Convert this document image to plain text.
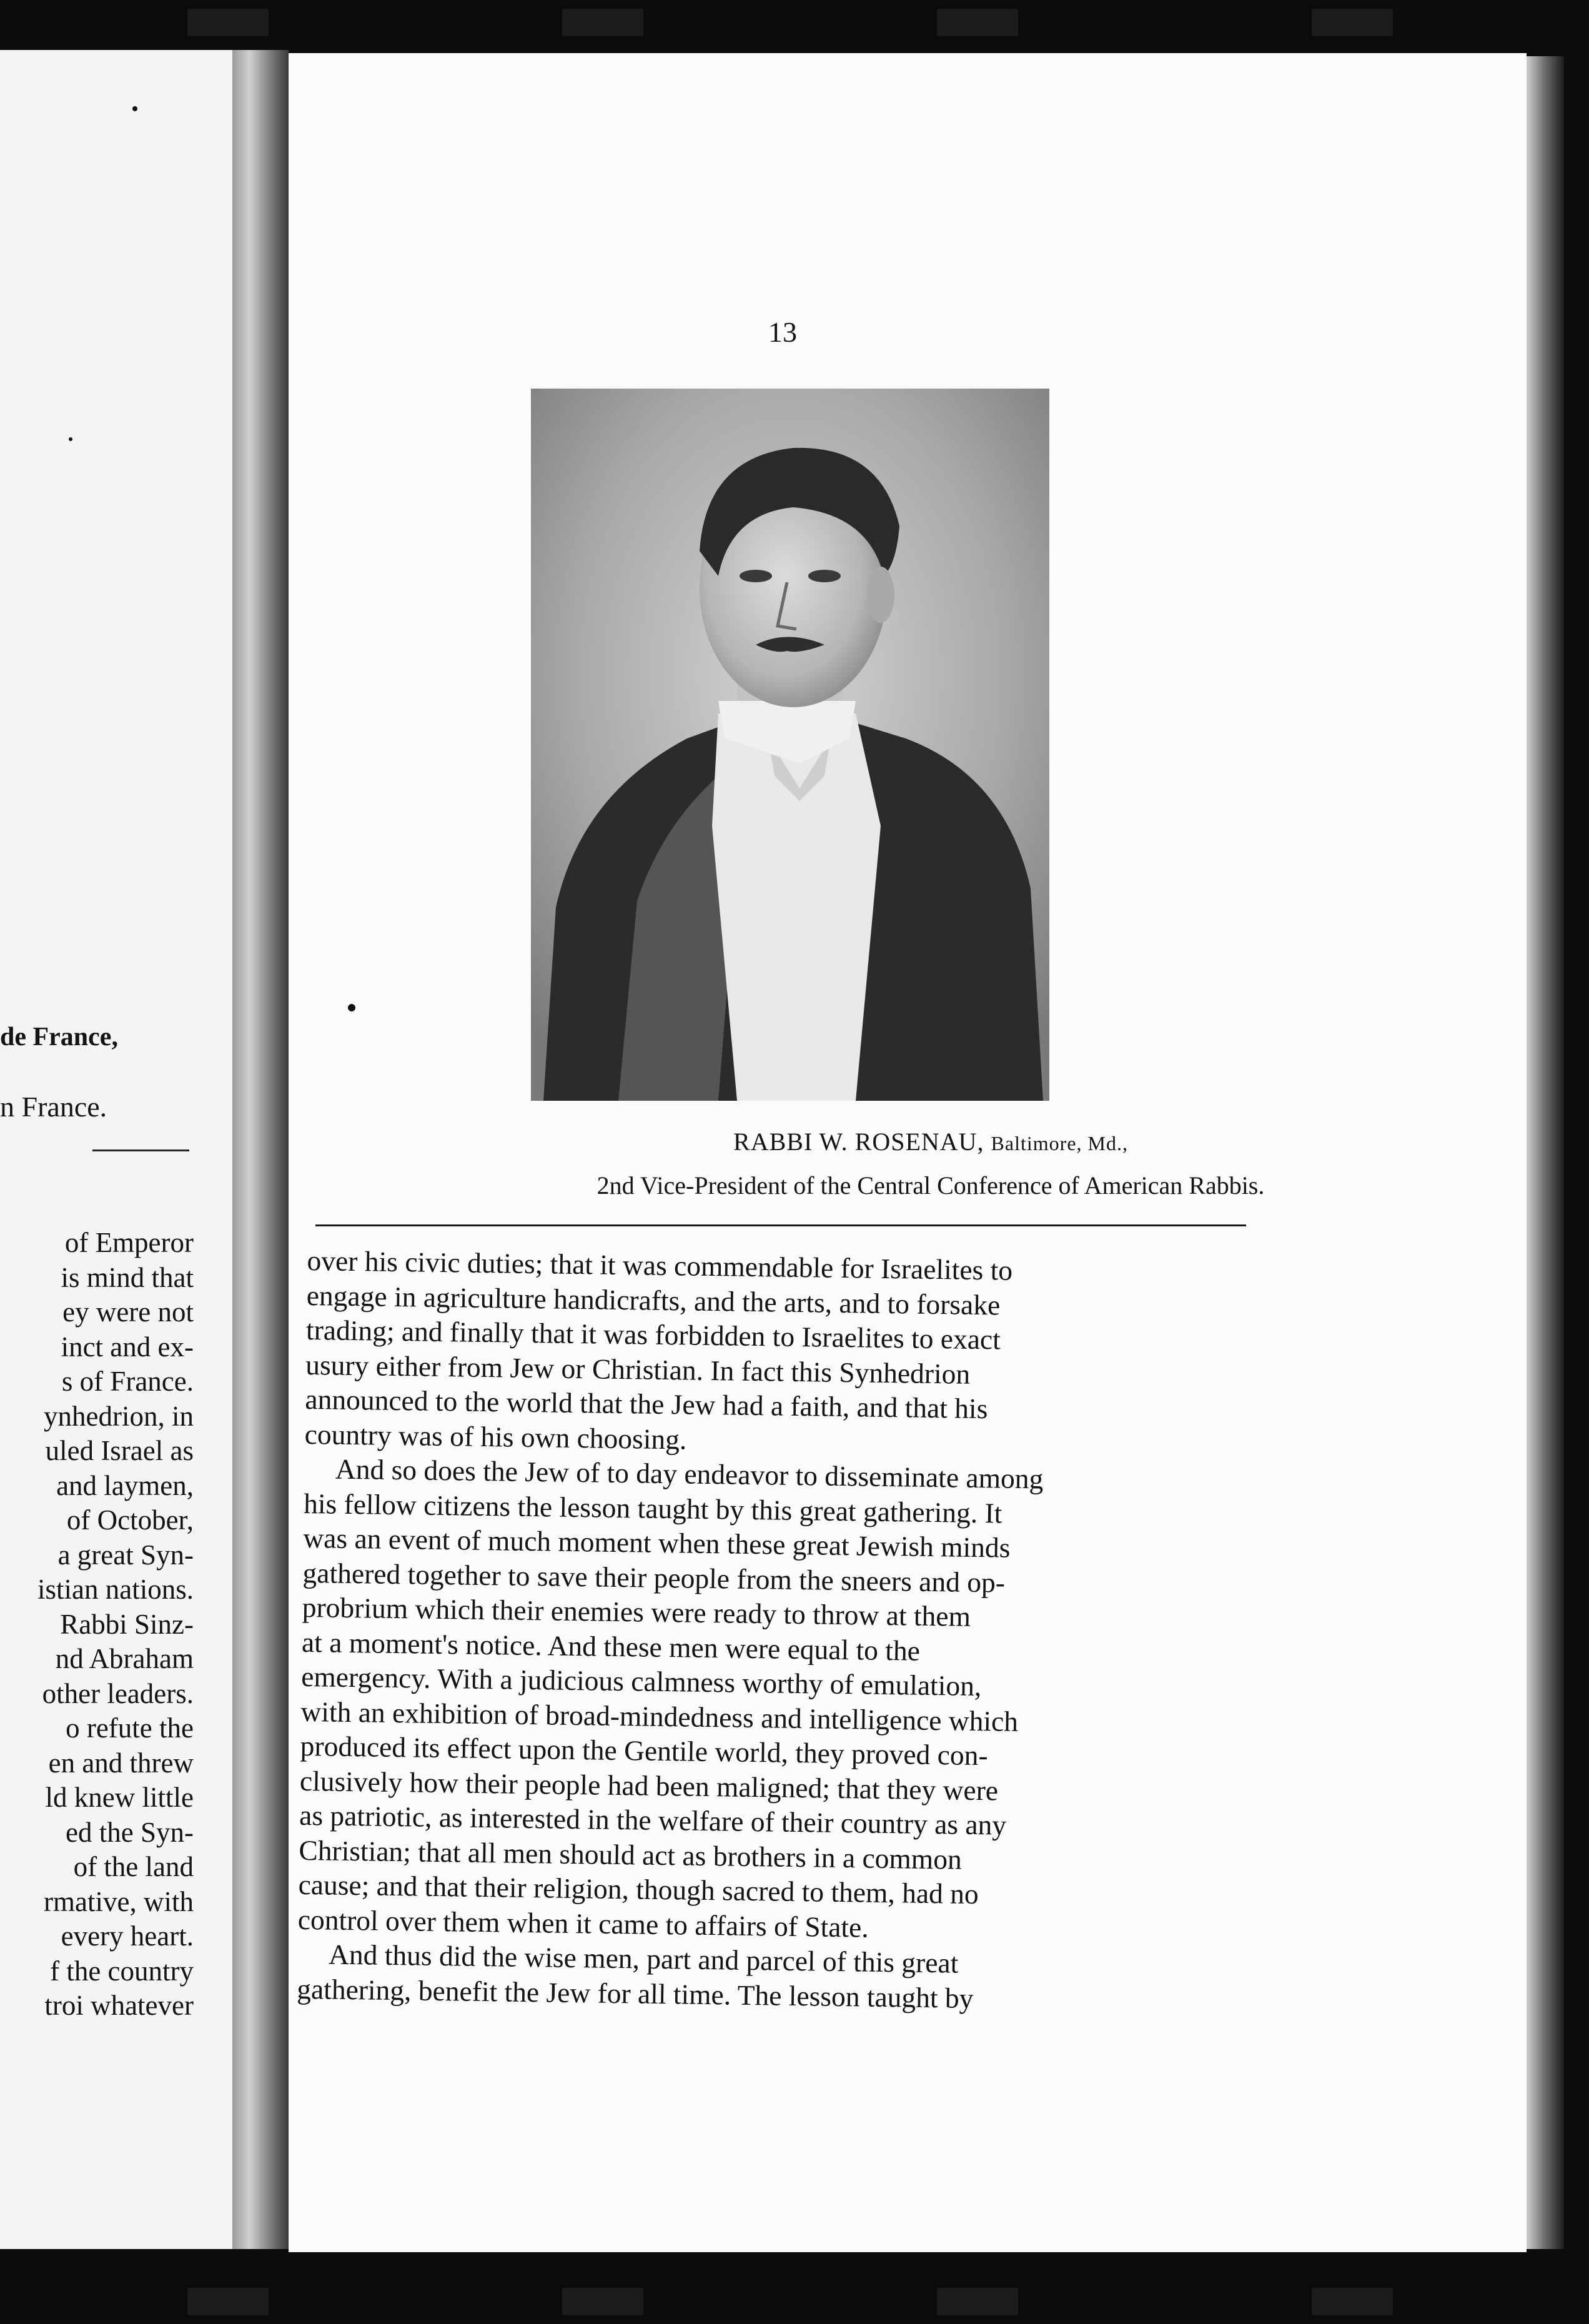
de France,
n France.
of Emperor
is mind that
ey were not
inct and ex-
s of France.
ynhedrion, in
uled Israel as
and laymen,
of October,
a great Syn-
istian nations.
Rabbi Sinz-
nd Abraham
other leaders.
o refute the
en and threw
ld knew little
ed the Syn-
of the land
rmative, with
every heart.
f the country
troi whatever
13
RABBI W. ROSENAU, Baltimore, Md.,
2nd Vice-President of the Central Conference of American Rabbis.
over his civic duties; that it was commendable for Israelites to
engage in agriculture handicrafts, and the arts, and to forsake
trading; and finally that it was forbidden to Israelites to exact
usury either from Jew or Christian. In fact this Synhedrion
announced to the world that the Jew had a faith, and that his
country was of his own choosing.
And so does the Jew of to day endeavor to disseminate among
his fellow citizens the lesson taught by this great gathering. It
was an event of much moment when these great Jewish minds
gathered together to save their people from the sneers and op-
probrium which their enemies were ready to throw at them
at a moment's notice. And these men were equal to the
emergency. With a judicious calmness worthy of emulation,
with an exhibition of broad-mindedness and intelligence which
produced its effect upon the Gentile world, they proved con-
clusively how their people had been maligned; that they were
as patriotic, as interested in the welfare of their country as any
Christian; that all men should act as brothers in a common
cause; and that their religion, though sacred to them, had no
control over them when it came to affairs of State.
And thus did the wise men, part and parcel of this great
gathering, benefit the Jew for all time. The lesson taught by
